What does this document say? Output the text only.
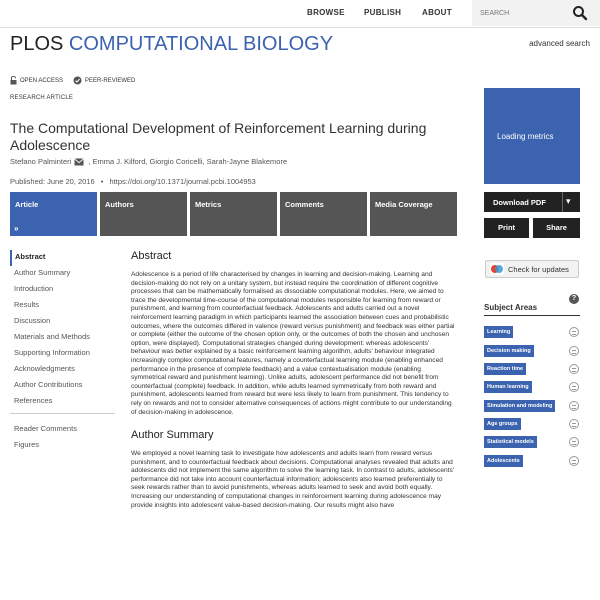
BROWSE PUBLISH	ABOUT
SEARCH
PLOS COMPUTATIONAL BIOLOGY	advanced search
OPEN ACCESS	PEER-REVIEWED
RESEARCH ARTICLE
The Computational Development of Reinforcement Learning during Adolescence
Stefano Palminteri , Emma J. Kilford, Giorgio Coricelli, Sarah-Jayne Blakemore
Published: June 20, 2016 • https://doi.org/10.1371/journal.pcbi.1004953
Article
»
Authors	Metrics	Comments	Media Coverage
Loading metrics
Download PDF ▾
Print	Share
Check for updates
Subject Areas
?
Learning
Decision making
Reaction time
Human learning
Simulation and modeling
Age groups
Statistical models
Adolescents
Abstract
Author Summary
Introduction
Results
Discussion
Materials and Methods
Supporting Information
Acknowledgments
Author Contributions
References
Reader Comments
Figures
Abstract

Adolescence is a period of life characterised by changes in learning and decision-making. Learning and decision-making do not rely on a unitary system, but instead require the coordination of different cognitive processes that can be mathematically formalised as dissociable computational modules. Here, we aimed to trace the developmental time-course of the computational modules responsible for learning from reward or punishment, and learning from counterfactual feedback. Adolescents and adults carried out a novel reinforcement learning paradigm in which participants learned the association between cues and probabilistic outcomes, where the outcomes differed in valence (reward versus punishment) and feedback was either partial or complete (either the outcome of the chosen option only, or the outcomes of both the chosen and unchosen option, were displayed). Computational strategies changed during development: whereas adolescents' behaviour was better explained by a basic reinforcement learning algorithm, adults' behaviour integrated increasingly complex computational features, namely a counterfactual learning module (enabling enhanced performance in the presence of complete feedback) and a value contextualisation module (enabling symmetrical reward and punishment learning). Unlike adults, adolescent performance did not benefit from counterfactual (complete) feedback. In addition, while adults learned symmetrically from both reward and punishment, adolescents learned from reward but were less likely to learn from punishment. This tendency to rely on rewards and not to consider alternative consequences of actions might contribute to our understanding of decision-making in adolescence.

Author Summary

We employed a novel learning task to investigate how adolescents and adults learn from reward versus punishment, and to counterfactual feedback about decisions. Computational analyses revealed that adults and adolescents did not implement the same algorithm to solve the learning task. In contrast to adults, adolescents' performance did not take into account counterfactual information; adolescents also learned preferentially to seek rewards rather than to avoid punishments, whereas adults learned to seek and avoid both equally. Increasing our understanding of computational changes in reinforcement learning during adolescence may provide insights into adolescent value-based decision-making. Our results might also have
